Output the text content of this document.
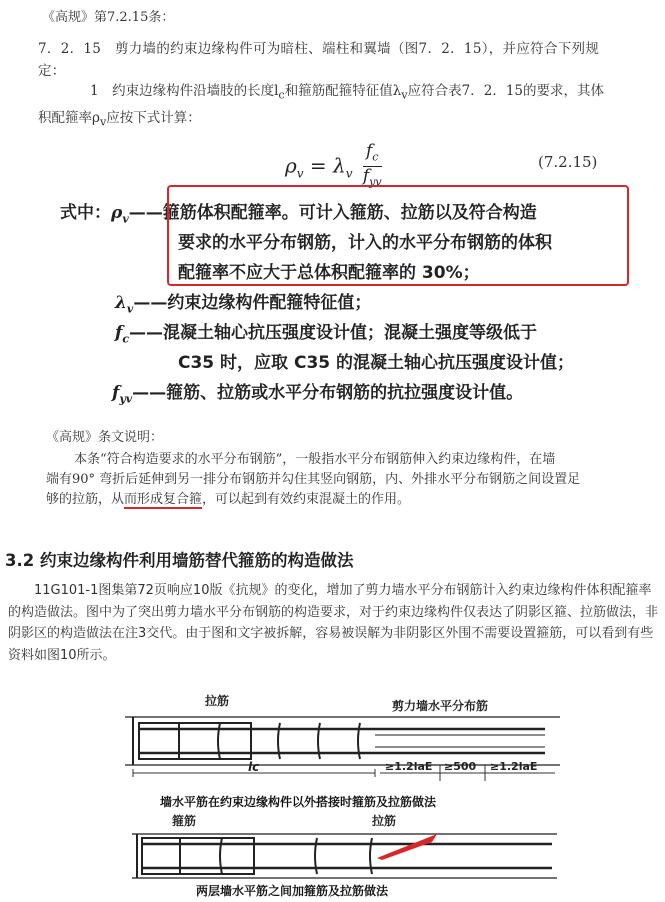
《高规》第7.2.15条：
7．2．15　剪力墙的约束边缘构件可为暗柱、端柱和翼墙（图7．2．15），并应符合下列规
定：
1　约束边缘构件沿墙肢的长度$l_c$和箍筋配箍特征值$\lambda_v$应符合表7．2．15的要求，其体
积配箍率$\rho_v$应按下式计算：
$\rho_v = \lambda_v \frac{f_c}{f_{yv}}$	(7.2.15)
式中：$\rho_v——$箍筋体积配箍率。可计入箍筋、拉筋以及符合构造
要求的水平分布钢筋，计入的水平分布钢筋的体积
配箍率不应大于总体积配箍率的 30%；
$\lambda_v——$约束边缘构件配箍特征值；
$f_c——$混凝土轴心抗压强度设计值；混凝土强度等级低于
C35 时，应取 C35 的混凝土轴心抗压强度设计值；
$f_{yv}——$箍筋、拉筋或水平分布钢筋的抗拉强度设计值。
《高规》条文说明：
本条“符合构造要求的水平分布钢筋”，一般指水平分布钢筋伸入约束边缘构件，在墙
端有90° 弯折后延伸到另一排分布钢筋并勾住其竖向钢筋，内、外排水平分布钢筋之间设置足
够的拉筋，从而形成复合箍，可以起到有效约束混凝土的作用。
3.2 约束边缘构件利用墙筋替代箍筋的构造做法
11G101-1图集第72页响应10版《抗规》的变化，增加了剪力墙水平分布钢筋计入约束边缘构件体积配箍率的构造做法。图中为了突出剪力墙水平分布钢筋的构造要求，对于约束边缘构件仅表达了阴影区箍、拉筋做法，非阴影区的构造做法在注3交代。由于图和文字被拆解，容易被误解为非阴影区外围不需要设置箍筋，可以看到有些资料如图10所示。
拉筋	剪力墙水平分布筋
lc	≥1.2laE ≥500 ≥1.2laE
墙水平筋在约束边缘构件以外搭接时箍筋及拉筋做法
箍筋	拉筋
两层墙水平筋之间加箍筋及拉筋做法
